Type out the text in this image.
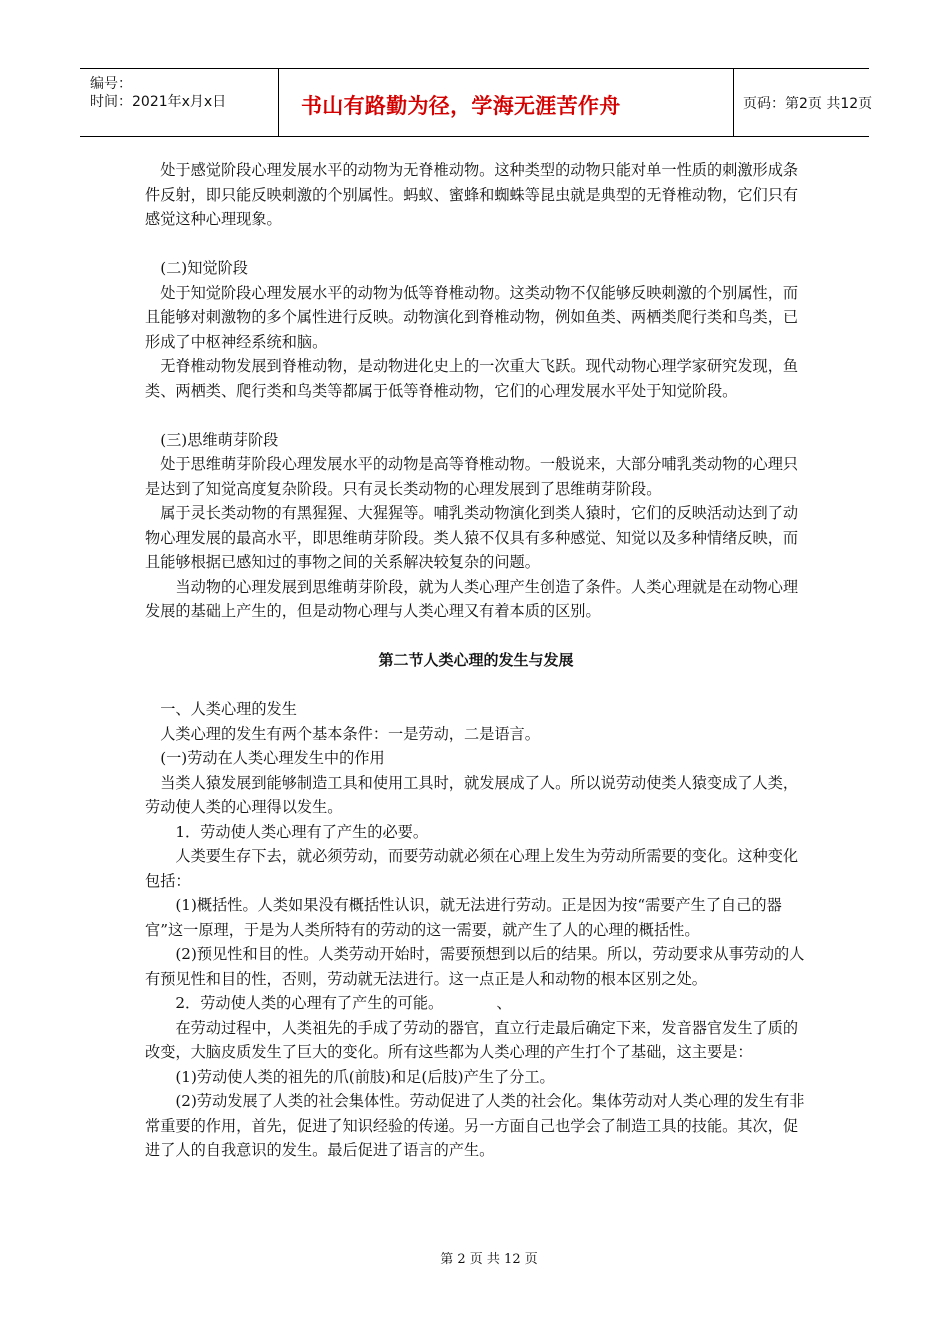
编号：
时间：2021年x月x日	书山有路勤为径，学海无涯苦作舟	页码：第2页 共12页

　处于感觉阶段心理发展水平的动物为无脊椎动物。这种类型的动物只能对单一性质的刺激形成条件反射，即只能反映刺激的个别属性。蚂蚁、蜜蜂和蜘蛛等昆虫就是典型的无脊椎动物，它们只有感觉这种心理现象。

　(二)知觉阶段

　处于知觉阶段心理发展水平的动物为低等脊椎动物。这类动物不仅能够反映刺激的个别属性，而且能够对刺激物的多个属性进行反映。动物演化到脊椎动物，例如鱼类、两栖类爬行类和鸟类，已形成了中枢神经系统和脑。

　无脊椎动物发展到脊椎动物，是动物进化史上的一次重大飞跃。现代动物心理学家研究发现，鱼类、两栖类、爬行类和鸟类等都属于低等脊椎动物，它们的心理发展水平处于知觉阶段。

　(三)思维萌芽阶段

　处于思维萌芽阶段心理发展水平的动物是高等脊椎动物。一般说来，大部分哺乳类动物的心理只是达到了知觉高度复杂阶段。只有灵长类动物的心理发展到了思维萌芽阶段。

　属于灵长类动物的有黑猩猩、大猩猩等。哺乳类动物演化到类人猿时，它们的反映活动达到了动物心理发展的最高水平，即思维萌芽阶段。类人猿不仅具有多种感觉、知觉以及多种情绪反映，而且能够根据已感知过的事物之间的关系解决较复杂的问题。

　　当动物的心理发展到思维萌芽阶段，就为人类心理产生创造了条件。人类心理就是在动物心理发展的基础上产生的，但是动物心理与人类心理又有着本质的区别。

第二节人类心理的发生与发展

　一、人类心理的发生

　人类心理的发生有两个基本条件：一是劳动，二是语言。

　(一)劳动在人类心理发生中的作用

　当类人猿发展到能够制造工具和使用工具时，就发展成了人。所以说劳动使类人猿变成了人类，劳动使人类的心理得以发生。

　　1．劳动使人类心理有了产生的必要。

　　人类要生存下去，就必须劳动，而要劳动就必须在心理上发生为劳动所需要的变化。这种变化包括：

　　(1)概括性。人类如果没有概括性认识，就无法进行劳动。正是因为按“需要产生了自己的器官”这一原理，于是为人类所特有的劳动的这一需要，就产生了人的心理的概括性。

　　(2)预见性和目的性。人类劳动开始时，需要预想到以后的结果。所以，劳动要求从事劳动的人有预见性和目的性，否则，劳动就无法进行。这一点正是人和动物的根本区别之处。

　　2．劳动使人类的心理有了产生的可能。　　　　、

　　在劳动过程中，人类祖先的手成了劳动的器官，直立行走最后确定下来，发音器官发生了质的改变，大脑皮质发生了巨大的变化。所有这些都为人类心理的产生打个了基础，这主要是：

　　(1)劳动使人类的祖先的爪(前肢)和足(后肢)产生了分工。

　　(2)劳动发展了人类的社会集体性。劳动促进了人类的社会化。集体劳动对人类心理的发生有非常重要的作用，首先，促进了知识经验的传递。另一方面自己也学会了制造工具的技能。其次，促进了人的自我意识的发生。最后促进了语言的产生。

第 2 页 共 12 页
